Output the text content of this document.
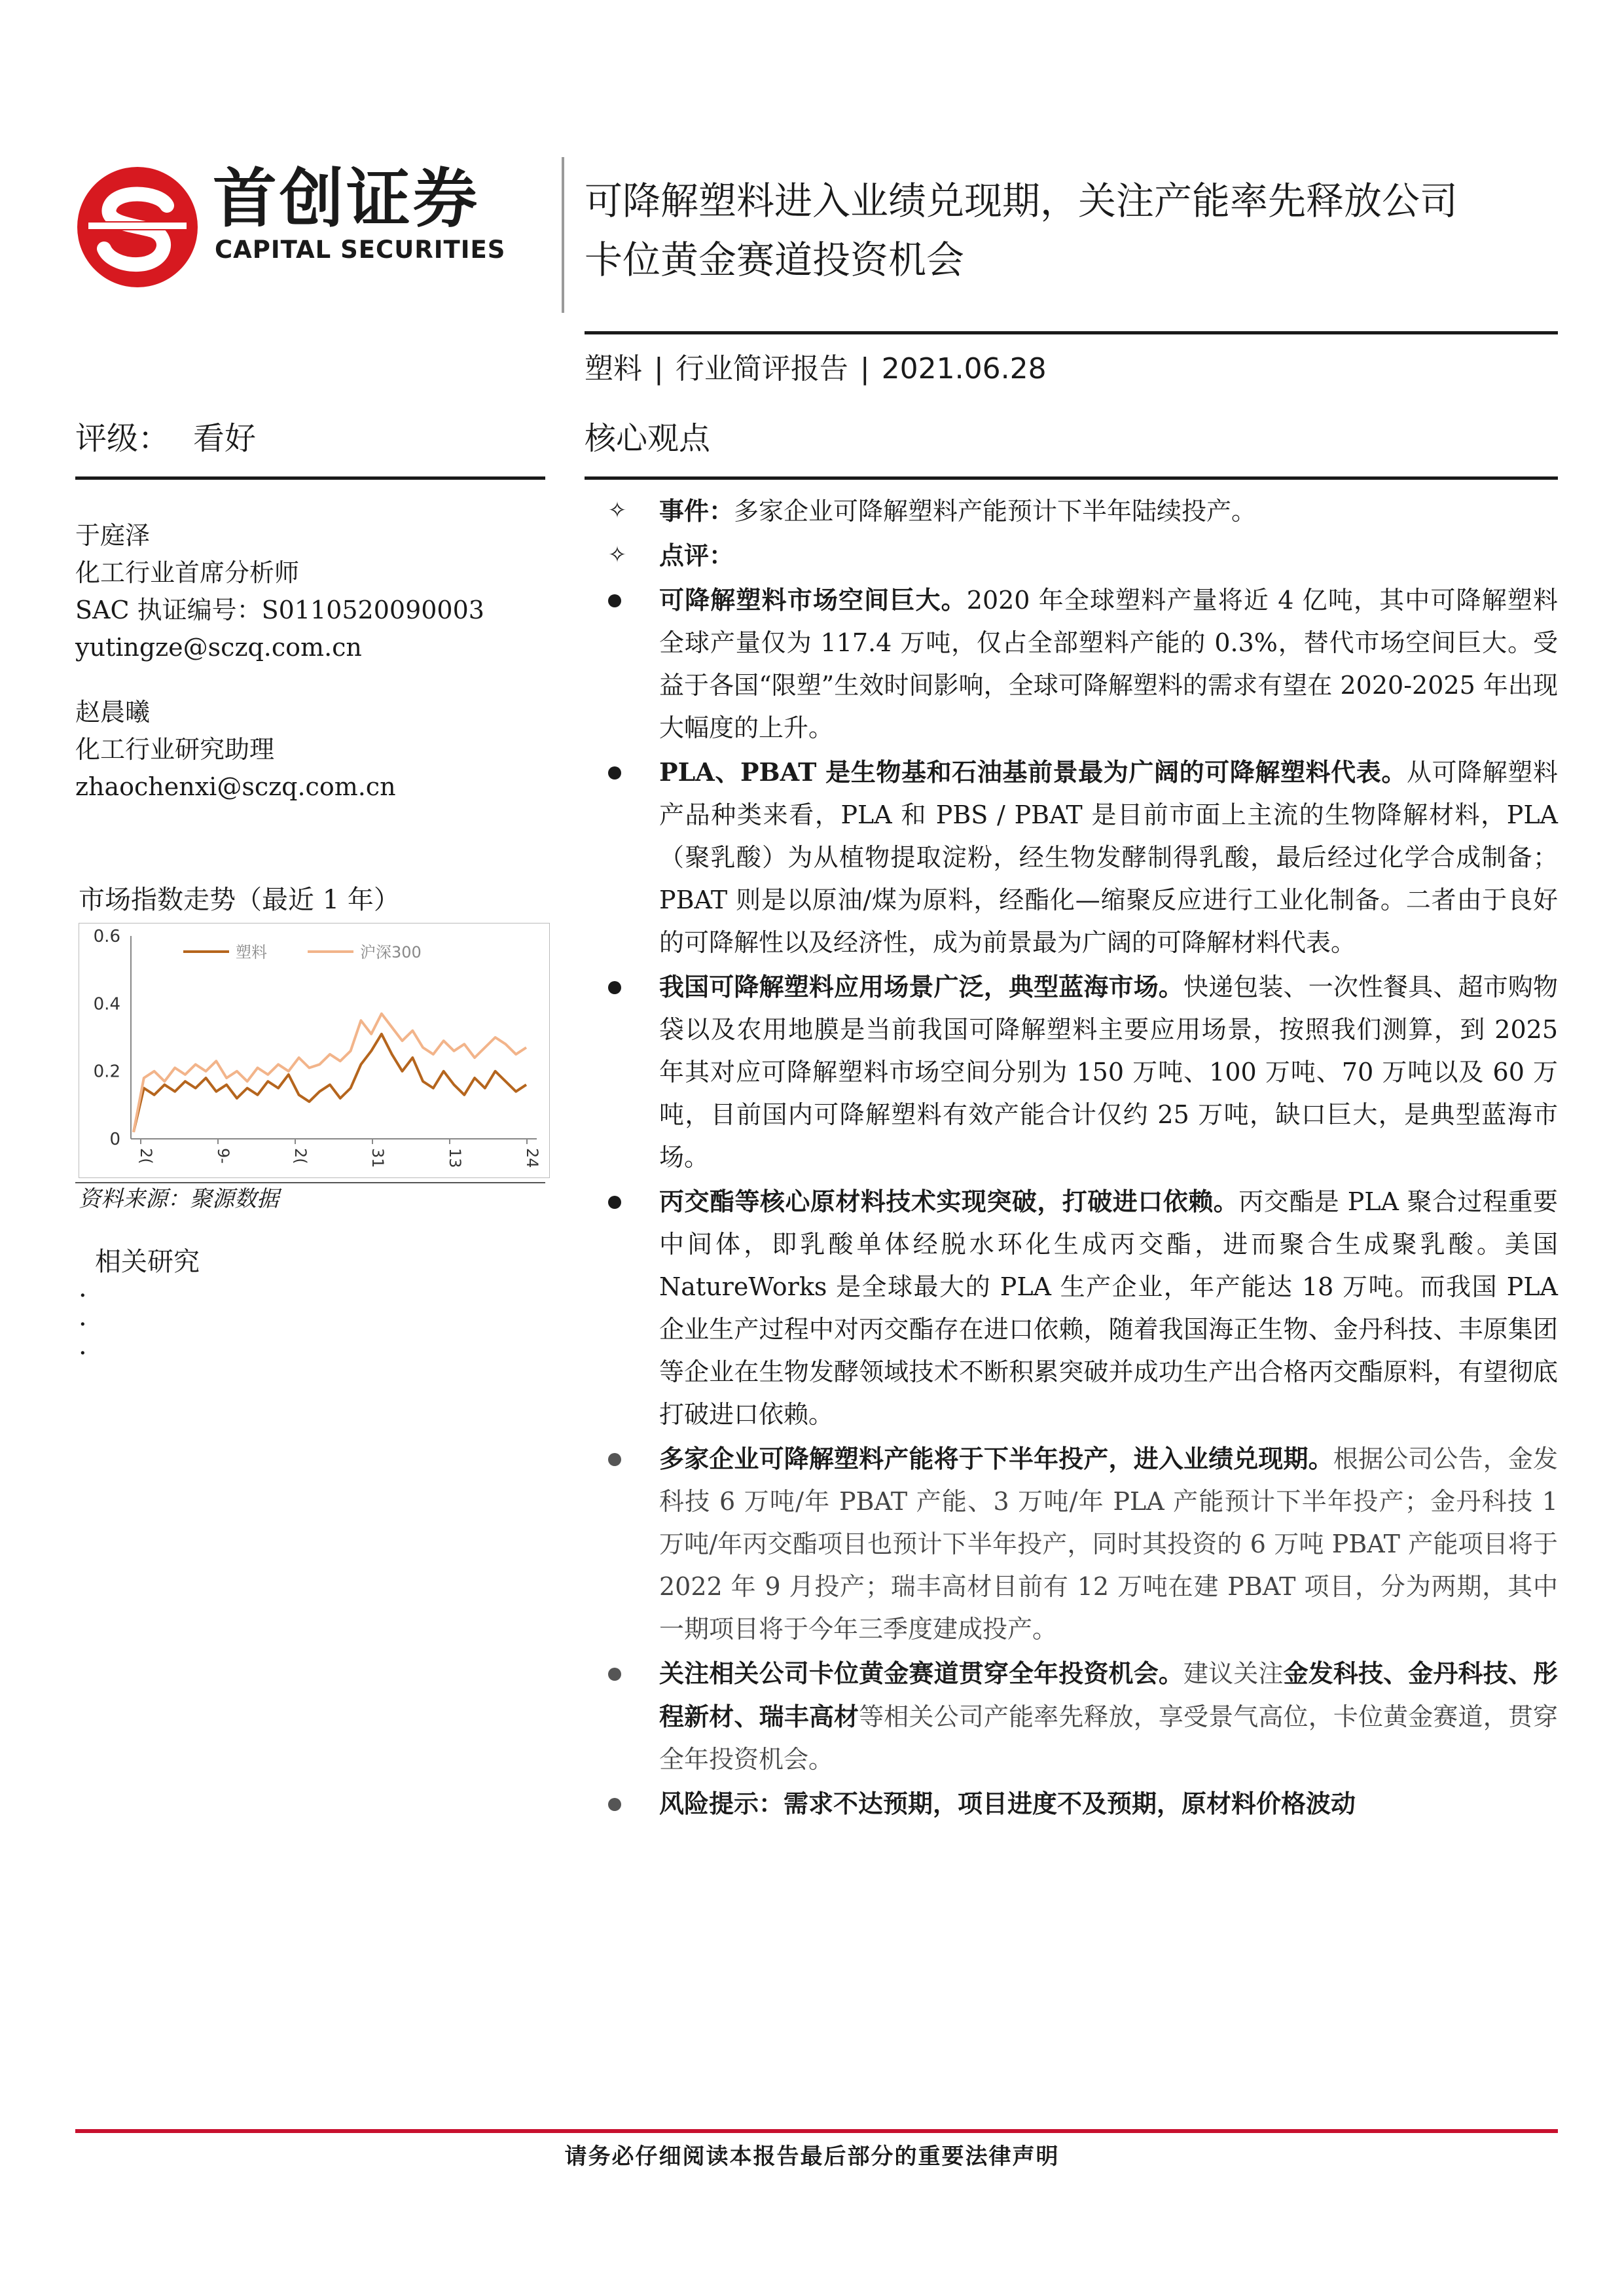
首创证券
CAPITAL SECURITIES
可降解塑料进入业绩兑现期，关注产能率先释放公司
卡位黄金赛道投资机会
塑料 | 行业简评报告 | 2021.06.28
评级： 看好
于庭泽
化工行业首席分析师
SAC 执证编号：S0110520090003
yutingze@sczq.com.cn
赵晨曦
化工行业研究助理
zhaochenxi@sczq.com.cn
市场指数走势（最近 1 年）
0.6
0.4
0.2
0
2(	9-	2(	31	13	24
塑料	沪深300
资料来源：聚源数据
相关研究
·
·
·
核心观点
✧ 事件：多家企业可降解塑料产能预计下半年陆续投产。
✧ 点评：
可降解塑料市场空间巨大。2020 年全球塑料产量将近 4 亿吨，其中可降解塑料全球产量仅为 117.4 万吨，仅占全部塑料产能的 0.3%，替代市场空间巨大。受益于各国“限塑”生效时间影响，全球可降解塑料的需求有望在 2020-2025 年出现大幅度的上升。
PLA、PBAT 是生物基和石油基前景最为广阔的可降解塑料代表。从可降解塑料产品种类来看，PLA 和 PBS / PBAT 是目前市面上主流的生物降解材料，PLA（聚乳酸）为从植物提取淀粉，经生物发酵制得乳酸，最后经过化学合成制备；PBAT 则是以原油/煤为原料，经酯化—缩聚反应进行工业化制备。二者由于良好的可降解性以及经济性，成为前景最为广阔的可降解材料代表。
我国可降解塑料应用场景广泛，典型蓝海市场。快递包装、一次性餐具、超市购物袋以及农用地膜是当前我国可降解塑料主要应用场景，按照我们测算，到 2025 年其对应可降解塑料市场空间分别为 150 万吨、100 万吨、70 万吨以及 60 万吨，目前国内可降解塑料有效产能合计仅约 25 万吨，缺口巨大，是典型蓝海市场。
丙交酯等核心原材料技术实现突破，打破进口依赖。丙交酯是 PLA 聚合过程重要中间体，即乳酸单体经脱水环化生成丙交酯，进而聚合生成聚乳酸。美国 NatureWorks 是全球最大的 PLA 生产企业，年产能达 18 万吨。而我国 PLA 企业生产过程中对丙交酯存在进口依赖，随着我国海正生物、金丹科技、丰原集团等企业在生物发酵领域技术不断积累突破并成功生产出合格丙交酯原料，有望彻底打破进口依赖。
多家企业可降解塑料产能将于下半年投产，进入业绩兑现期。根据公司公告，金发科技 6 万吨/年 PBAT 产能、3 万吨/年 PLA 产能预计下半年投产；金丹科技 1 万吨/年丙交酯项目也预计下半年投产，同时其投资的 6 万吨 PBAT 产能项目将于 2022 年 9 月投产；瑞丰高材目前有 12 万吨在建 PBAT 项目，分为两期，其中一期项目将于今年三季度建成投产。
关注相关公司卡位黄金赛道贯穿全年投资机会。建议关注金发科技、金丹科技、彤程新材、瑞丰高材等相关公司产能率先释放，享受景气高位，卡位黄金赛道，贯穿全年投资机会。
风险提示：需求不达预期，项目进度不及预期，原材料价格波动
请务必仔细阅读本报告最后部分的重要法律声明
